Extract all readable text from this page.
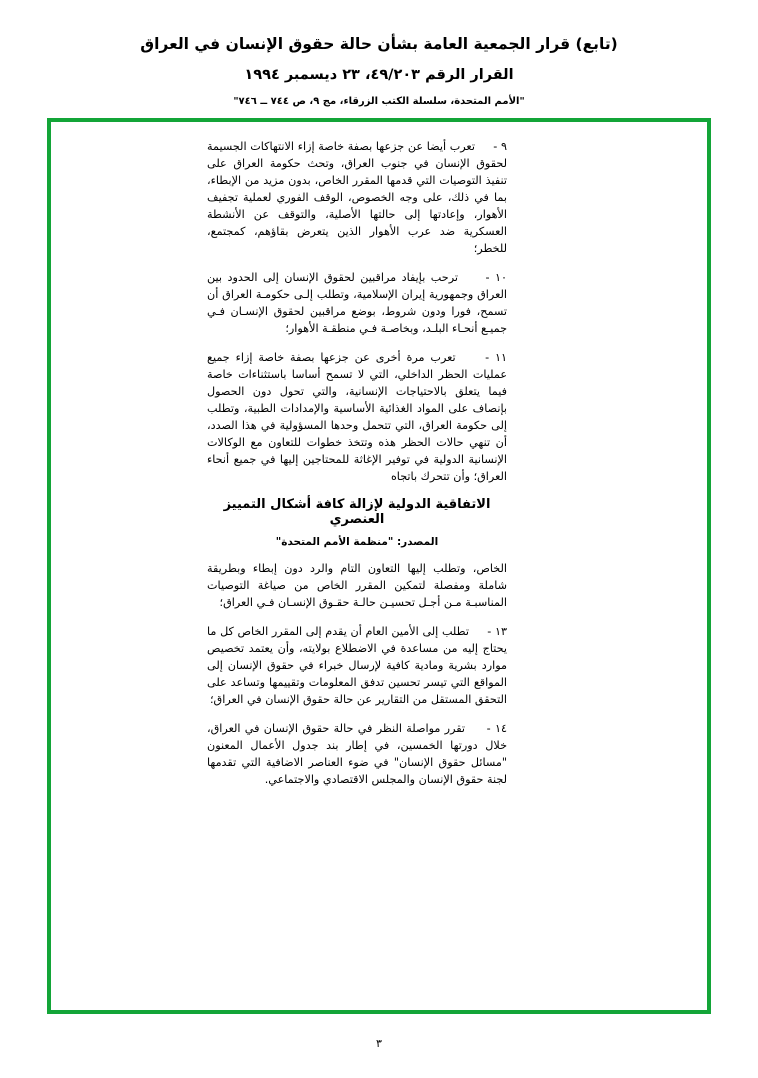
(تابع) قرار الجمعية العامة بشأن حالة حقوق الإنسان في العراق
القرار الرقم ٤٩/٢٠٣، ٢٣ ديسمبر ١٩٩٤
"الأمم المتحدة، سلسلة الكتب الزرقاء، مج ٩، ص ٧٤٤ ــ ٧٤٦"

٩ -     تعرب أيضا عن جزعها بصفة خاصة إزاء الانتهاكات الجسيمة لحقوق الإنسان في جنوب العراق، وتحث حكومة العراق على تنفيذ التوصيات التي قدمها المقرر الخاص، بدون مزيد من الإبطاء، بما في ذلك، على وجه الخصوص، الوقف الفوري لعملية تجفيف الأهوار، وإعادتها إلى حالتها الأصلية، والتوقف عن الأنشطة العسكرية ضد عرب الأهوار الذين يتعرض بقاؤهم، كمجتمع، للخطر؛

١٠ -     ترحب بإيفاد مراقبين لحقوق الإنسان إلى الحدود بين العراق وجمهورية إيران الإسلامية، وتطلب إلـى حكومـة العراق أن تسمح، فورا ودون شروط، بوضع مراقبين لحقوق الإنسـان فـي جميـع أنحـاء البلـد، وبخاصـة فـي منطقـة الأهوار؛

١١ -     تعرب مرة أخرى عن جزعها بصفة خاصة إزاء جميع عمليات الحظر الداخلي، التي لا تسمح أساسا باستثناءات خاصة فيما يتعلق بالاحتياجات الإنسانية، والتي تحول دون الحصول بإنصاف على المواد الغذائية الأساسية والإمدادات الطبية، وتطلب إلى حكومة العراق، التي تتحمل وحدها المسؤولية في هذا الصدد، أن تنهي حالات الحظر هذه وتتخذ خطوات للتعاون مع الوكالات الإنسانية الدولية في توفير الإغاثة للمحتاجين إليها في جميع أنحاء العراق؛ وأن تتحرك باتجاه

الاتفاقية الدولية لإزالة كافة أشكال التمييز العنصري
المصدر: "منظمة الأمم المتحدة"

الخاص، وتطلب إليها التعاون التام والرد دون إبطاء وبطريقة شاملة ومفصلة لتمكين المقرر الخاص من صياغة التوصيات المناسبـة مـن أجـل تحسيـن حالـة حقـوق الإنسـان فـي العراق؛

١٣ -     تطلب إلى الأمين العام أن يقدم إلى المقرر الخاص كل ما يحتاج إليه من مساعدة في الاضطلاع بولايته، وأن يعتمد تخصيص موارد بشرية ومادية كافية لإرسال خبراء في حقوق الإنسان إلى المواقع التي تيسر تحسين تدفق المعلومات وتقييمها وتساعد على التحقق المستقل من التقارير عن حالة حقوق الإنسان في العراق؛

١٤ -     تقرر مواصلة النظر في حالة حقوق الإنسان في العراق، خلال دورتها الخمسين، في إطار بند جدول الأعمال المعنون "مسائل حقوق الإنسان" في ضوء العناصر الاضافية التي تقدمها لجنة حقوق الإنسان والمجلس الاقتصادي والاجتماعي.

٣
